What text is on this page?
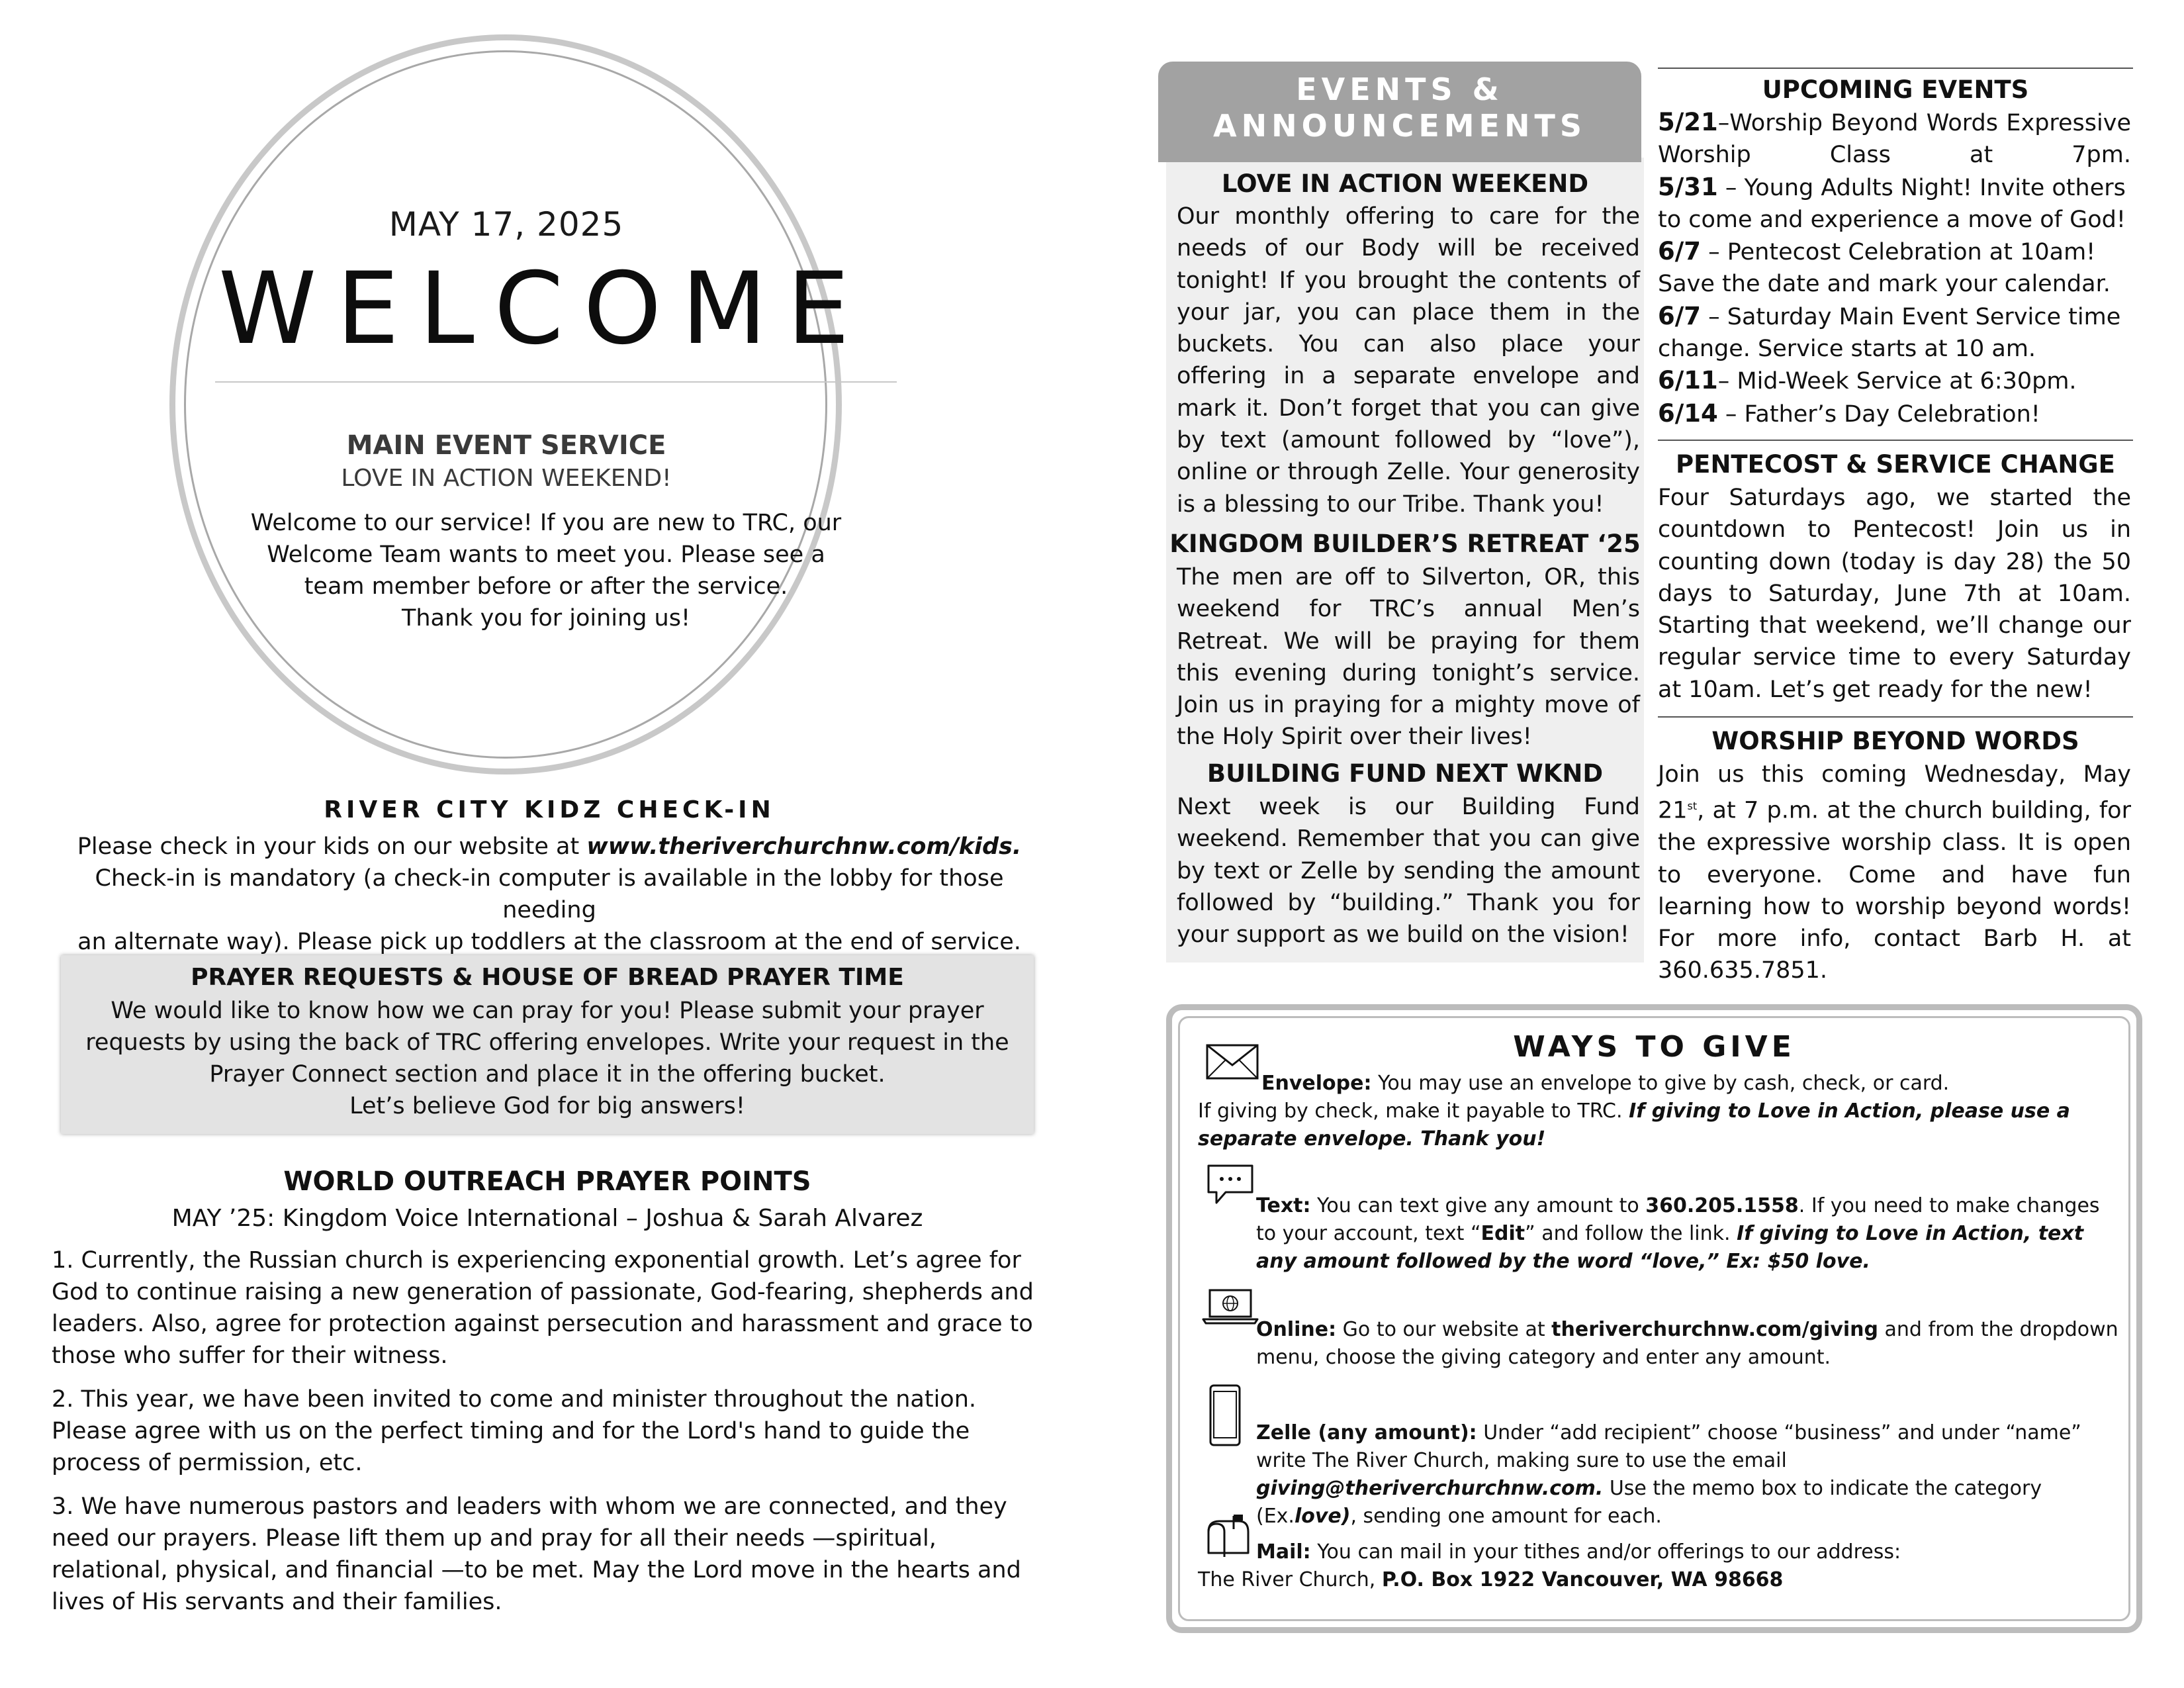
MAY 17, 2025
WELCOME
MAIN EVENT SERVICE
LOVE IN ACTION WEEKEND!
Welcome to our service! If you are new to TRC, our
Welcome Team wants to meet you. Please see a
team member before or after the service.
Thank you for joining us!
RIVER CITY KIDZ CHECK-IN
Please check in your kids on our website at www.theriverchurchnw.com/kids.
Check-in is mandatory (a check-in computer is available in the lobby for those needing
an alternate way). Please pick up toddlers at the classroom at the end of service.
PRAYER REQUESTS & HOUSE OF BREAD PRAYER TIME
We would like to know how we can pray for you! Please submit your prayer
requests by using the back of TRC offering envelopes. Write your request in the
Prayer Connect section and place it in the offering bucket.
Let’s believe God for big answers!
WORLD OUTREACH PRAYER POINTS
MAY ’25: Kingdom Voice International – Joshua & Sarah Alvarez

1. Currently, the Russian church is experiencing exponential growth. Let’s agree for God to continue raising a new generation of passionate, God-fearing, shepherds and leaders. Also, agree for protection against persecution and harassment and grace to those who suffer for their witness.

2. This year, we have been invited to come and minister throughout the nation. Please agree with us on the perfect timing and for the Lord's hand to guide the process of permission, etc.

3. We have numerous pastors and leaders with whom we are connected, and they need our prayers. Please lift them up and pray for all their needs —spiritual, relational, physical, and financial —to be met. May the Lord move in the hearts and lives of His servants and their families.

EVENTS &
ANNOUNCEMENTS
LOVE IN ACTION WEEKEND
Our monthly offering to care for the needs of our Body will be received tonight! If you brought the contents of your jar, you can place them in the buckets. You can also place your offering in a separate envelope and mark it. Don’t forget that you can give by text (amount followed by “love”), online or through Zelle. Your generosity is a blessing to our Tribe. Thank you!
KINGDOM BUILDER’S RETREAT ‘25
The men are off to Silverton, OR, this weekend for TRC’s annual Men’s Retreat. We will be praying for them this evening during tonight’s service. Join us in praying for a mighty move of the Holy Spirit over their lives!
BUILDING FUND NEXT WKND
Next week is our Building Fund weekend. Remember that you can give by text or Zelle by sending the amount followed by “building.” Thank you for your support as we build on the vision!
UPCOMING EVENTS
5/21–Worship Beyond Words Expressive Worship Class at 7pm.
5/31 – Young Adults Night! Invite others to come and experience a move of God!
6/7 – Pentecost Celebration at 10am! Save the date and mark your calendar.
6/7 – Saturday Main Event Service time change. Service starts at 10 am.
6/11– Mid-Week Service at 6:30pm.
6/14 – Father’s Day Celebration!
PENTECOST & SERVICE CHANGE
Four Saturdays ago, we started the countdown to Pentecost! Join us in counting down (today is day 28) the 50 days to Saturday, June 7th at 10am. Starting that weekend, we’ll change our regular service time to every Saturday at 10am. Let’s get ready for the new!
WORSHIP BEYOND WORDS
Join us this coming Wednesday, May 21st, at 7 p.m. at the church building, for the expressive worship class. It is open to everyone. Come and have fun learning how to worship beyond words! For more info, contact Barb H. at 360.635.7851.
WAYS TO GIVE
Envelope: You may use an envelope to give by cash, check, or card.
If giving by check, make it payable to TRC. If giving to Love in Action, please use a separate envelope. Thank you!
Text: You can text give any amount to 360.205.1558. If you need to make changes to your account, text “Edit” and follow the link. If giving to Love in Action, text any amount followed by the word “love,” Ex: $50 love.
Online: Go to our website at theriverchurchnw.com/giving and from the dropdown menu, choose the giving category and enter any amount.
Zelle (any amount): Under “add recipient” choose “business” and under “name” write The River Church, making sure to use the email giving@theriverchurchnw.com. Use the memo box to indicate the category (Ex.love), sending one amount for each.
Mail: You can mail in your tithes and/or offerings to our address:
The River Church, P.O. Box 1922 Vancouver, WA 98668
